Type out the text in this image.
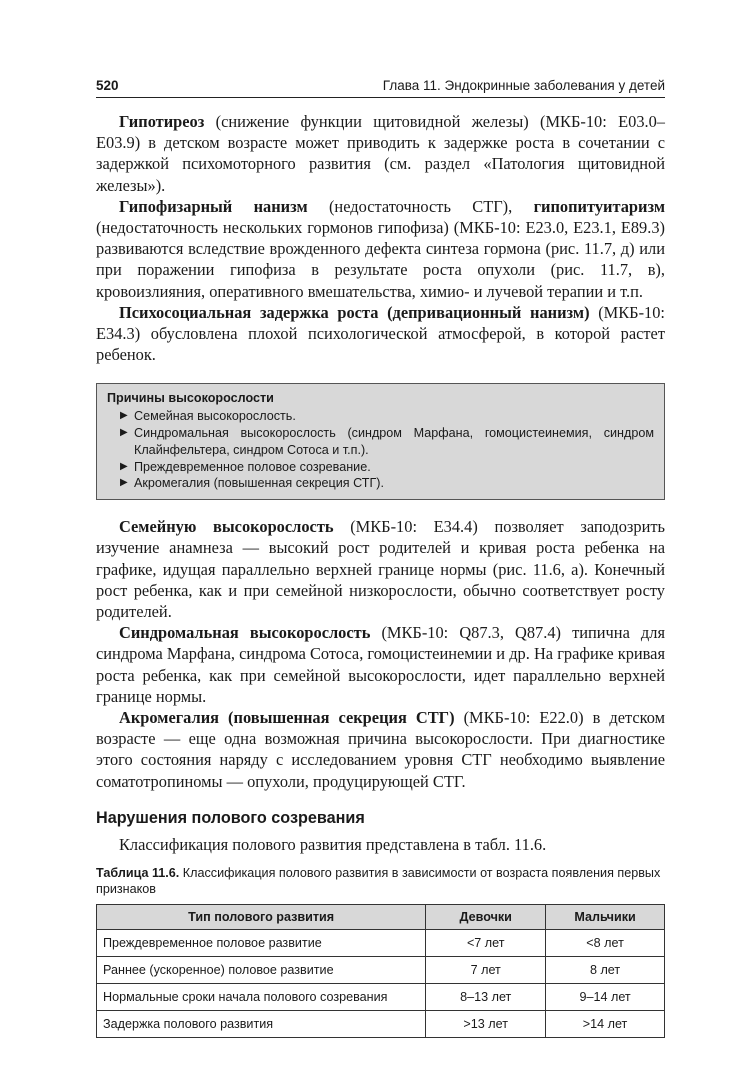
520	Глава 11. Эндокринные заболевания у детей

Гипотиреоз (снижение функции щитовидной железы) (МКБ-10: E03.0–E03.9) в детском возрасте может приводить к задержке роста в сочетании с задержкой психомоторного развития (см. раздел «Патология щитовидной железы»).

Гипофизарный нанизм (недостаточность СТГ), гипопитуитаризм (недостаточность нескольких гормонов гипофиза) (МКБ-10: E23.0, E23.1, E89.3) развиваются вследствие врожденного дефекта синтеза гормона (рис. 11.7, д) или при поражении гипофиза в результате роста опухоли (рис. 11.7, в), кровоизлияния, оперативного вмешательства, химио- и лучевой терапии и т.п.

Психосоциальная задержка роста (депривационный нанизм) (МКБ-10: E34.3) обусловлена плохой психологической атмосферой, в которой растет ребенок.

Причины высокорослости
▶ Семейная высокорослость.
▶ Синдромальная высокорослость (синдром Марфана, гомоцистеинемия, синдром Клайнфельтера, синдром Сотоса и т.п.).
▶ Преждевременное половое созревание.
▶ Акромегалия (повышенная секреция СТГ).

Семейную высокорослость (МКБ-10: E34.4) позволяет заподозрить изучение анамнеза — высокий рост родителей и кривая роста ребенка на графике, идущая параллельно верхней границе нормы (рис. 11.6, а). Конечный рост ребенка, как и при семейной низкорослости, обычно соответствует росту родителей.

Синдромальная высокорослость (МКБ-10: Q87.3, Q87.4) типична для синдрома Марфана, синдрома Сотоса, гомоцистеинемии и др. На графике кривая роста ребенка, как при семейной высокорослости, идет параллельно верхней границе нормы.

Акромегалия (повышенная секреция СТГ) (МКБ-10: E22.0) в детском возрасте — еще одна возможная причина высокорослости. При диагностике этого состояния наряду с исследованием уровня СТГ необходимо выявление соматотропиномы — опухоли, продуцирующей СТГ.

Нарушения полового созревания

Классификация полового развития представлена в табл. 11.6.

Таблица 11.6. Классификация полового развития в зависимости от возраста появления первых признаков
Тип полового развития	Девочки	Мальчики
Преждевременное половое развитие	<7 лет	<8 лет
Раннее (ускоренное) половое развитие	7 лет	8 лет
Нормальные сроки начала полового созревания	8–13 лет	9–14 лет
Задержка полового развития	>13 лет	>14 лет
